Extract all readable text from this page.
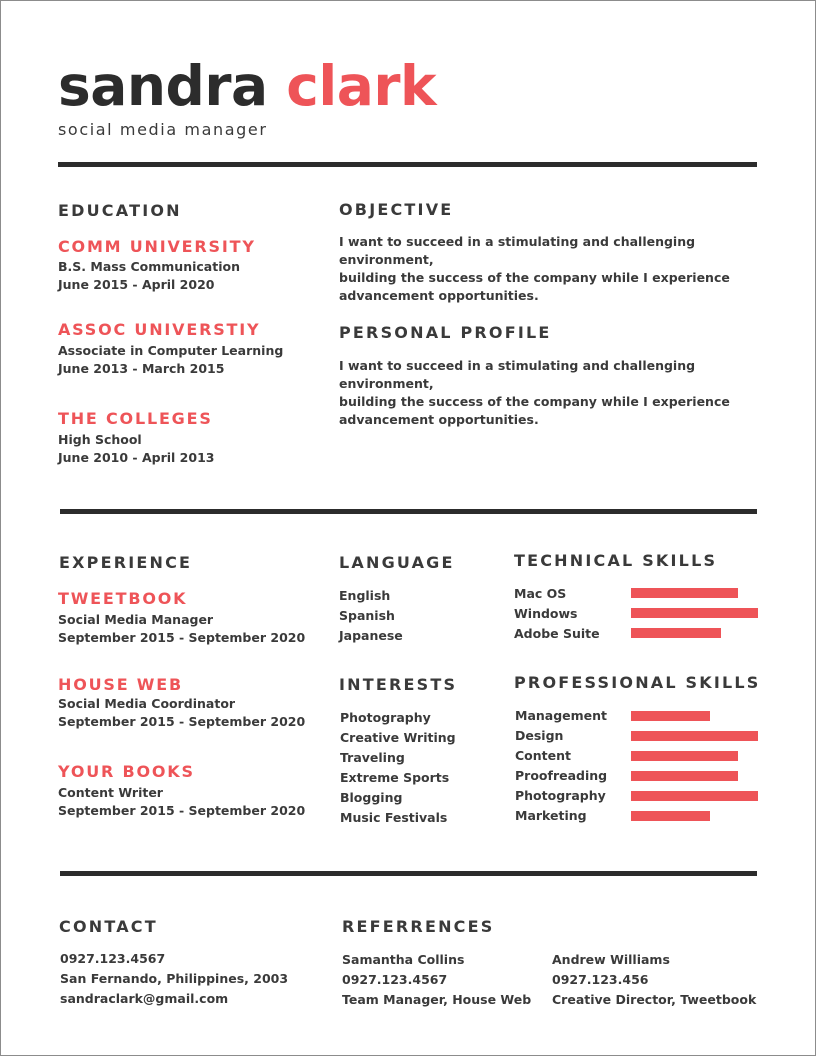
sandra clark
social media manager
EDUCATION
COMM UNIVERSITY
B.S. Mass Communication
June 2015 - April 2020
ASSOC UNIVERSTIY
Associate in Computer Learning
June 2013 - March 2015
THE COLLEGES
High School
June 2010 - April 2013
OBJECTIVE
I want to succeed in a stimulating and challenging environment,
building the success of the company while I experience
advancement opportunities.
PERSONAL PROFILE
I want to succeed in a stimulating and challenging environment,
building the success of the company while I experience
advancement opportunities.
EXPERIENCE
TWEETBOOK
Social Media Manager
September 2015 - September 2020
HOUSE WEB
Social Media Coordinator
September 2015 - September 2020
YOUR BOOKS
Content Writer
September 2015 - September 2020
LANGUAGE
English
Spanish
Japanese
INTERESTS
Photography
Creative Writing
Traveling
Extreme Sports
Blogging
Music Festivals
TECHNICAL SKILLS
Mac OS
Windows
Adobe Suite
PROFESSIONAL SKILLS
Management
Design
Content
Proofreading
Photography
Marketing
CONTACT
0927.123.4567
San Fernando, Philippines, 2003
sandraclark@gmail.com
REFERRENCES
Samantha Collins
0927.123.4567
Team Manager, House Web
Andrew Williams
0927.123.456
Creative Director, Tweetbook
